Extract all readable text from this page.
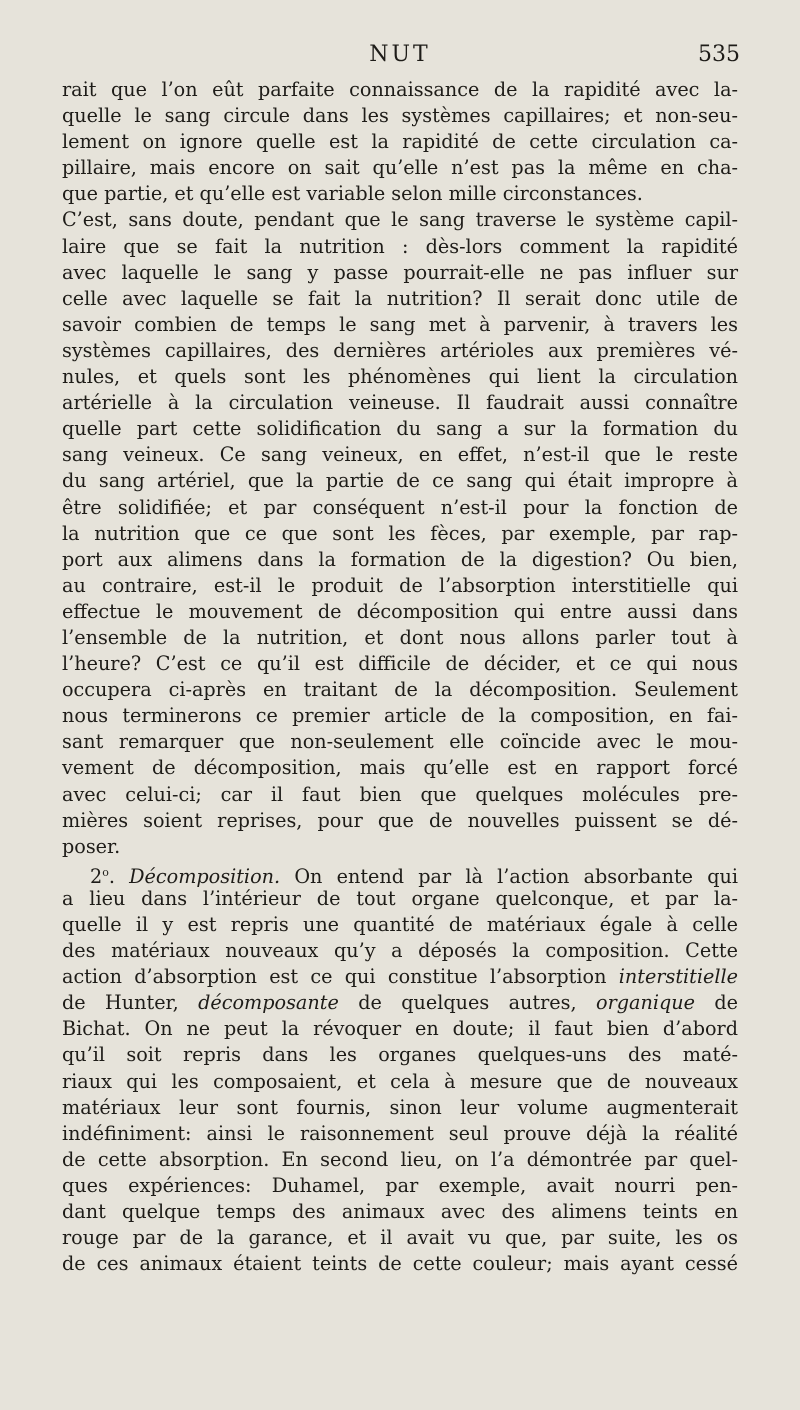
NUT	535
rait que l’on eût parfaite connaissance de la rapidité avec la-
quelle le sang circule dans les systèmes capillaires; et non-seu-
lement on ignore quelle est la rapidité de cette circulation ca-
pillaire, mais encore on sait qu’elle n’est pas la même en cha-
que partie, et qu’elle est variable selon mille circonstances.
C’est, sans doute, pendant que le sang traverse le système capil-
laire que se fait la nutrition : dès-lors comment la rapidité
avec laquelle le sang y passe pourrait-elle ne pas influer sur
celle avec laquelle se fait la nutrition? Il serait donc utile de
savoir combien de temps le sang met à parvenir, à travers les
systèmes capillaires, des dernières artérioles aux premières vé-
nules, et quels sont les phénomènes qui lient la circulation
artérielle à la circulation veineuse. Il faudrait aussi connaître
quelle part cette solidification du sang a sur la formation du
sang veineux. Ce sang veineux, en effet, n’est-il que le reste
du sang artériel, que la partie de ce sang qui était impropre à
être solidifiée; et par conséquent n’est-il pour la fonction de
la nutrition que ce que sont les fèces, par exemple, par rap-
port aux alimens dans la formation de la digestion? Ou bien,
au contraire, est-il le produit de l’absorption interstitielle qui
effectue le mouvement de décomposition qui entre aussi dans
l’ensemble de la nutrition, et dont nous allons parler tout à
l’heure? C’est ce qu’il est difficile de décider, et ce qui nous
occupera ci-après en traitant de la décomposition. Seulement
nous terminerons ce premier article de la composition, en fai-
sant remarquer que non-seulement elle coïncide avec le mou-
vement de décomposition, mais qu’elle est en rapport forcé
avec celui-ci; car il faut bien que quelques molécules pre-
mières soient reprises, pour que de nouvelles puissent se dé-
poser.
2$^o$. Décomposition. On entend par là l’action absorbante qui
a lieu dans l’intérieur de tout organe quelconque, et par la-
quelle il y est repris une quantité de matériaux égale à celle
des matériaux nouveaux qu’y a déposés la composition. Cette
action d’absorption est ce qui constitue l’absorption interstitielle
de Hunter, décomposante de quelques autres, organique de
Bichat. On ne peut la révoquer en doute; il faut bien d’abord
qu’il soit repris dans les organes quelques-uns des maté-
riaux qui les composaient, et cela à mesure que de nouveaux
matériaux leur sont fournis, sinon leur volume augmenterait
indéfiniment: ainsi le raisonnement seul prouve déjà la réalité
de cette absorption. En second lieu, on l’a démontrée par quel-
ques expériences: Duhamel, par exemple, avait nourri pen-
dant quelque temps des animaux avec des alimens teints en
rouge par de la garance, et il avait vu que, par suite, les os
de ces animaux étaient teints de cette couleur; mais ayant cessé
